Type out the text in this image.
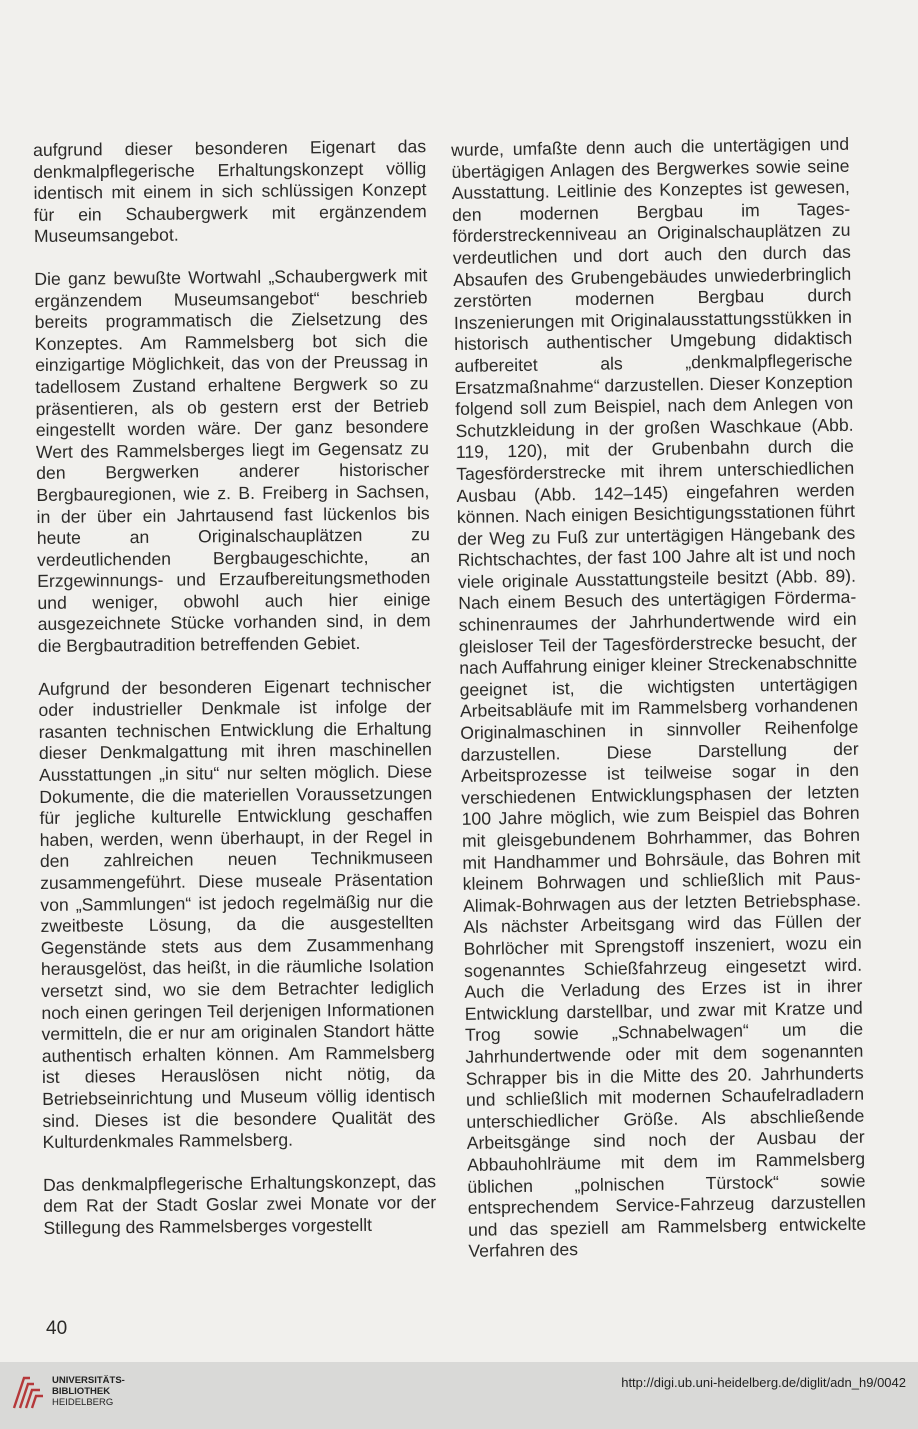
aufgrund dieser besonderen Eigenart das denkmalpflegerische Erhaltungskonzept völlig identisch mit einem in sich schlüssigen Konzept für ein Schaubergwerk mit ergänzendem Museumsangebot.

Die ganz bewußte Wortwahl „Schaubergwerk mit ergänzendem Museumsangebot“ beschrieb bereits programmatisch die Zielsetzung des Konzeptes. Am Rammelsberg bot sich die einzigartige Möglichkeit, das von der Preussag in tadellosem Zustand erhaltene Bergwerk so zu präsentieren, als ob gestern erst der Betrieb eingestellt worden wäre. Der ganz besondere Wert des Rammelsberges liegt im Gegensatz zu den Bergwerken anderer historischer Bergbauregionen, wie z. B. Freiberg in Sachsen, in der über ein Jahrtausend fast lückenlos bis heute an Originalschauplätzen zu verdeutlichenden Bergbaugeschichte, an Erzgewinnungs- und Erzaufbereitungsmethoden und weniger, obwohl auch hier einige ausgezeichnete Stücke vorhanden sind, in dem die Bergbautradition betreffenden Gebiet.

Aufgrund der besonderen Eigenart technischer oder industrieller Denkmale ist infolge der rasanten technischen Entwicklung die Erhaltung dieser Denkmalgattung mit ihren maschinellen Ausstattungen „in situ“ nur selten möglich. Diese Dokumente, die die materiellen Voraussetzungen für jegliche kulturelle Entwicklung geschaffen haben, werden, wenn überhaupt, in der Regel in den zahlreichen neuen Technikmuseen zusammengeführt. Diese museale Präsentation von „Sammlungen“ ist jedoch regelmäßig nur die zweitbeste Lösung, da die ausgestellten Gegenstände stets aus dem Zusammenhang herausgelöst, das heißt, in die räumliche Isolation versetzt sind, wo sie dem Betrachter lediglich noch einen geringen Teil derjenigen Informationen vermitteln, die er nur am originalen Standort hätte authentisch erhalten können. Am Rammelsberg ist dieses Herauslösen nicht nötig, da Betriebseinrichtung und Museum völlig identisch sind. Dieses ist die besondere Qualität des Kulturdenkmales Rammelsberg.

Das denkmalpflegerische Erhaltungskonzept, das dem Rat der Stadt Goslar zwei Monate vor der Stillegung des Rammelsberges vorgestellt

wurde, umfaßte denn auch die untertägigen und übertägigen Anlagen des Bergwerkes sowie seine Ausstattung. Leitlinie des Konzeptes ist gewesen, den modernen Bergbau im Tagesförderstreckenniveau an Originalschauplätzen zu verdeutlichen und dort auch den durch das Absaufen des Grubengebäudes unwiederbringlich zerstörten modernen Bergbau durch Inszenierungen mit Originalausstattungsstükken in historisch authentischer Umgebung didaktisch aufbereitet als „denkmalpflegerische Ersatzmaßnahme“ darzustellen. Dieser Konzeption folgend soll zum Beispiel, nach dem Anlegen von Schutzkleidung in der großen Waschkaue (Abb. 119, 120), mit der Grubenbahn durch die Tagesförderstrecke mit ihrem unterschiedlichen Ausbau (Abb. 142–145) eingefahren werden können. Nach einigen Besichtigungsstationen führt der Weg zu Fuß zur untertägigen Hängebank des Richtschachtes, der fast 100 Jahre alt ist und noch viele originale Ausstattungsteile besitzt (Abb. 89). Nach einem Besuch des untertägigen Fördermaschinenraumes der Jahrhundertwende wird ein gleisloser Teil der Tagesförderstrecke besucht, der nach Auffahrung einiger kleiner Streckenabschnitte geeignet ist, die wichtigsten untertägigen Arbeitsabläufe mit im Rammelsberg vorhandenen Originalmaschinen in sinnvoller Reihenfolge darzustellen. Diese Darstellung der Arbeitsprozesse ist teilweise sogar in den verschiedenen Entwicklungsphasen der letzten 100 Jahre möglich, wie zum Beispiel das Bohren mit gleisgebundenem Bohrhammer, das Bohren mit Handhammer und Bohrsäule, das Bohren mit kleinem Bohrwagen und schließlich mit Paus-Alimak-Bohrwagen aus der letzten Betriebsphase. Als nächster Arbeitsgang wird das Füllen der Bohrlöcher mit Sprengstoff inszeniert, wozu ein sogenanntes Schießfahrzeug eingesetzt wird. Auch die Verladung des Erzes ist in ihrer Entwicklung darstellbar, und zwar mit Kratze und Trog sowie „Schnabelwagen“ um die Jahrhundertwende oder mit dem sogenannten Schrapper bis in die Mitte des 20. Jahrhunderts und schließlich mit modernen Schaufelradladern unterschiedlicher Größe. Als abschließende Arbeitsgänge sind noch der Ausbau der Abbauhohlräume mit dem im Rammelsberg üblichen „polnischen Türstock“ sowie entsprechendem Service-Fahrzeug darzustellen und das speziell am Rammelsberg entwickelte Verfahren des

40
UNIVERSITÄTS-
BIBLIOTHEK
HEIDELBERG
http://digi.ub.uni-heidelberg.de/diglit/adn_h9/0042
